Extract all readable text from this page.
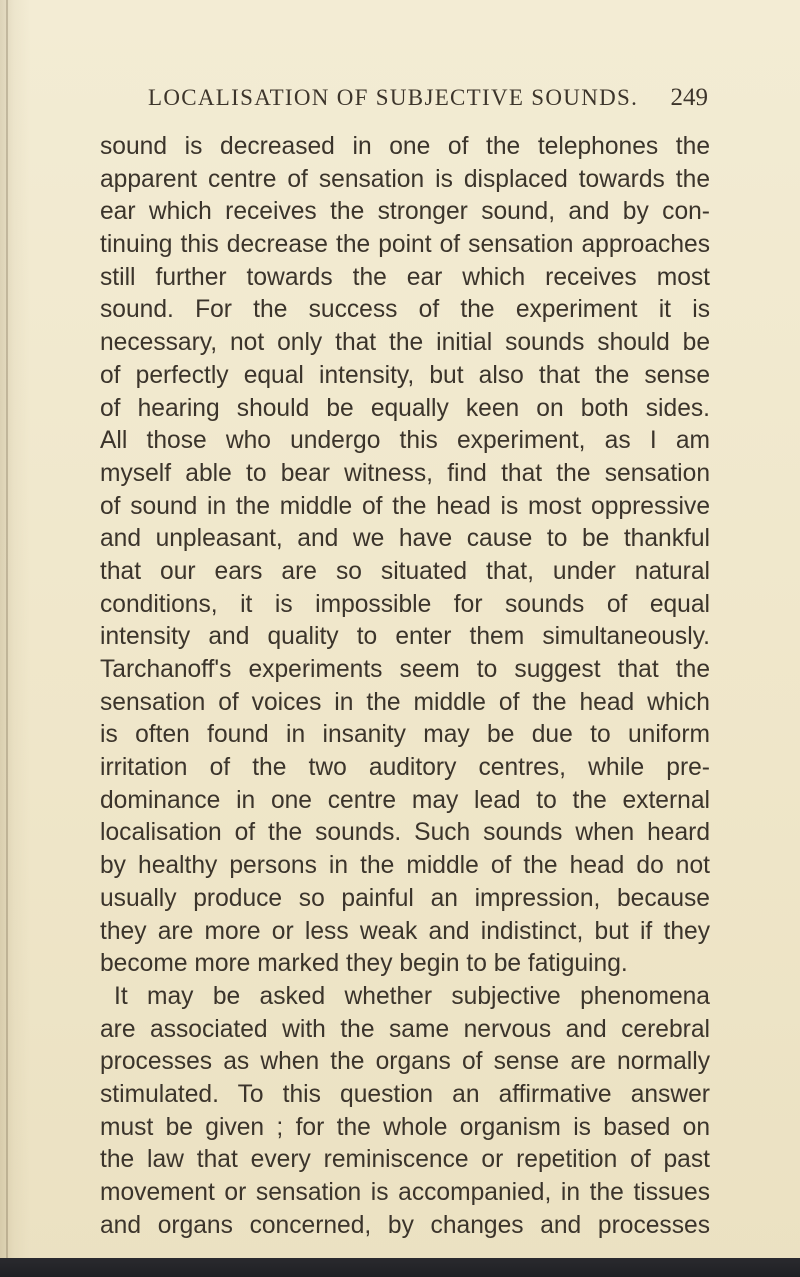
LOCALISATION OF SUBJECTIVE SOUNDS. 249
sound is decreased in one of the telephones the
apparent centre of sensation is displaced towards the
ear which receives the stronger sound, and by con-
tinuing this decrease the point of sensation approaches
still further towards the ear which receives most
sound. For the success of the experiment it is
necessary, not only that the initial sounds should be
of perfectly equal intensity, but also that the sense
of hearing should be equally keen on both sides.
All those who undergo this experiment, as I am
myself able to bear witness, find that the sensation
of sound in the middle of the head is most oppressive
and unpleasant, and we have cause to be thankful
that our ears are so situated that, under natural
conditions, it is impossible for sounds of equal
intensity and quality to enter them simultaneously.
Tarchanoff's experiments seem to suggest that the
sensation of voices in the middle of the head which
is often found in insanity may be due to uniform
irritation of the two auditory centres, while pre-
dominance in one centre may lead to the external
localisation of the sounds. Such sounds when heard
by healthy persons in the middle of the head do not
usually produce so painful an impression, because
they are more or less weak and indistinct, but if they
become more marked they begin to be fatiguing.
It may be asked whether subjective phenomena
are associated with the same nervous and cerebral
processes as when the organs of sense are normally
stimulated. To this question an affirmative answer
must be given ; for the whole organism is based on
the law that every reminiscence or repetition of past
movement or sensation is accompanied, in the tissues
and organs concerned, by changes and processes
